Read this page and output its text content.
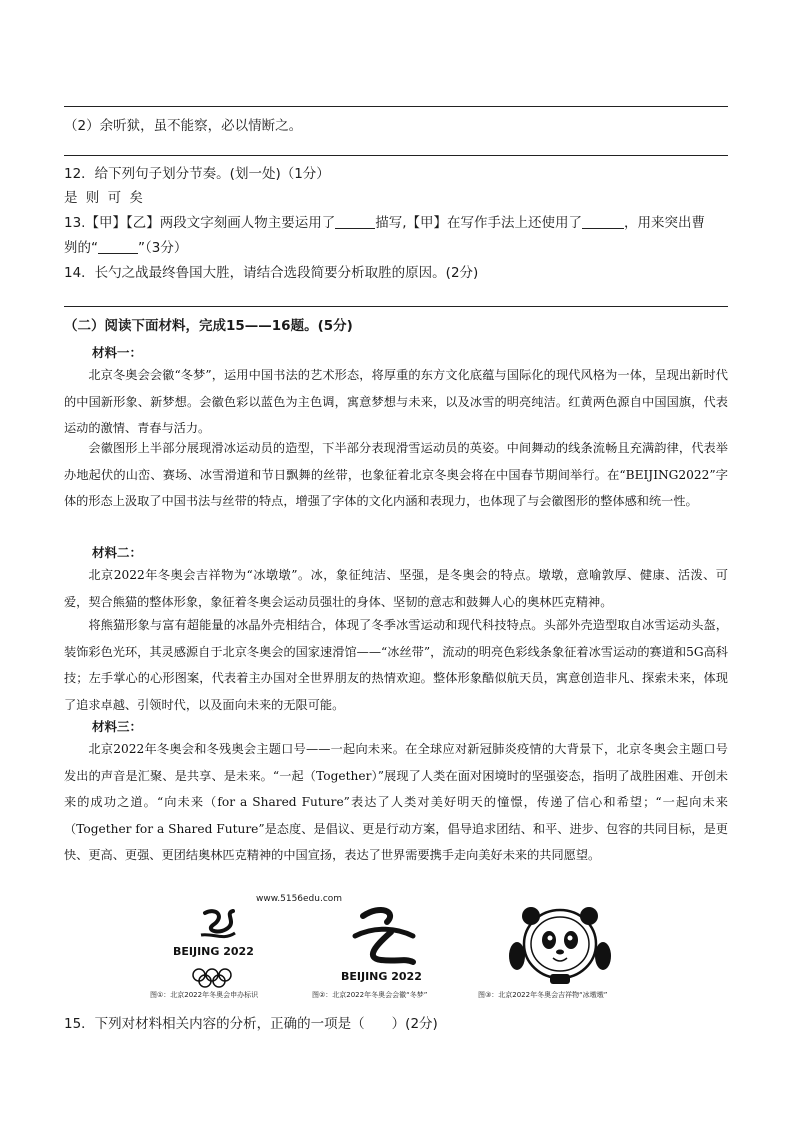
（2）余听狱，虽不能察，必以情断之。
12．给下列句子划分节奏。(划一处)（1分）
是 则 可 矣
13.【甲】【乙】两段文字刻画人物主要运用了	描写,【甲】在写作手法上还使用了	，用来突出曹
刿的“	”（3分）
14．长勺之战最终鲁国大胜，请结合选段简要分析取胜的原因。(2分)
（二）阅读下面材料，完成15——16题。(5分)
材料一：
北京冬奥会会徽“冬梦”，运用中国书法的艺术形态，将厚重的东方文化底蕴与国际化的现代风格为一体，呈现出新时代的中国新形象、新梦想。会徽色彩以蓝色为主色调，寓意梦想与未来，以及冰雪的明亮纯洁。红黄两色源自中国国旗，代表运动的激情、青春与活力。
会徽图形上半部分展现滑冰运动员的造型，下半部分表现滑雪运动员的英姿。中间舞动的线条流畅且充满韵律，代表举办地起伏的山峦、赛场、冰雪滑道和节日飘舞的丝带，也象征着北京冬奥会将在中国春节期间举行。在“BEIJING2022”字体的形态上汲取了中国书法与丝带的特点，增强了字体的文化内涵和表现力，也体现了与会徽图形的整体感和统一性。
材料二：
北京2022年冬奥会吉祥物为“冰墩墩”。冰，象征纯洁、坚强，是冬奥会的特点。墩墩，意喻敦厚、健康、活泼、可爱，契合熊猫的整体形象，象征着冬奥会运动员强壮的身体、坚韧的意志和鼓舞人心的奥林匹克精神。
将熊猫形象与富有超能量的冰晶外壳相结合，体现了冬季冰雪运动和现代科技特点。头部外壳造型取自冰雪运动头盔，装饰彩色光环，其灵感源自于北京冬奥会的国家速滑馆——“冰丝带”，流动的明亮色彩线条象征着冰雪运动的赛道和5G高科技；左手掌心的心形图案，代表着主办国对全世界朋友的热情欢迎。整体形象酷似航天员，寓意创造非凡、探索未来，体现了追求卓越、引领时代，以及面向未来的无限可能。
材料三：
北京2022年冬奥会和冬残奥会主题口号——一起向未来。在全球应对新冠肺炎疫情的大背景下，北京冬奥会主题口号发出的声音是汇聚、是共享、是未来。“一起（Together）”展现了人类在面对困境时的坚强姿态，指明了战胜困难、开创未来的成功之道。“向未来（for a Shared Future”表达了人类对美好明天的憧憬，传递了信心和希望；“一起向未来（Together for a Shared Future”是态度、是倡议、更是行动方案，倡导追求团结、和平、进步、包容的共同目标，是更快、更高、更强、更团结奥林匹克精神的中国宣扬，表达了世界需要携手走向美好未来的共同愿望。
www.5156edu.com
BEIJING 2022
BEIJING 2022
图①：北京2022年冬奥会申办标识	图②：北京2022年冬奥会会徽“冬梦”	图③：北京2022年冬奥会吉祥物“冰墩墩”
15．下列对材料相关内容的分析，正确的一项是（　　）(2分)
